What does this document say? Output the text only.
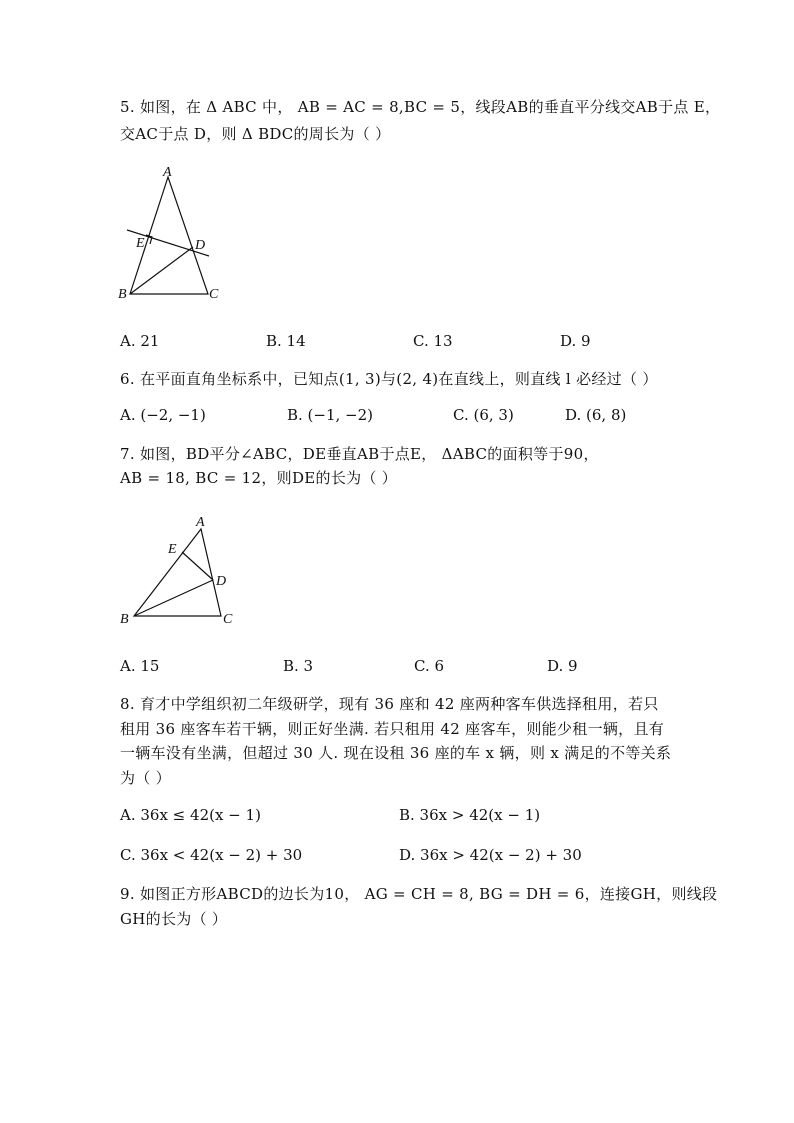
5. 如图，在 Δ ABC 中， AB = AC = 8,BC = 5，线段AB的垂直平分线交AB于点 E，
交AC于点 D，则 Δ BDC的周长为（ ）
A
B	C
D
E
A. 21	B. 14	C. 13	D. 9
6. 在平面直角坐标系中，已知点(1, 3)与(2, 4)在直线上，则直线 l 必经过（ ）
A. (−2, −1)	B. (−1, −2)	C. (6, 3)	D. (6, 8)
7. 如图，BD平分∠ABC，DE垂直AB于点E， ΔABC的面积等于90，
AB = 18, BC = 12，则DE的长为（ ）
A
B	C
D
E
A. 15	B. 3	C. 6	D. 9
8. 育才中学组织初二年级研学，现有 36 座和 42 座两种客车供选择租用，若只
租用 36 座客车若干辆，则正好坐满. 若只租用 42 座客车，则能少租一辆，且有
一辆车没有坐满，但超过 30 人. 现在设租 36 座的车 x 辆，则 x 满足的不等关系
为（ ）
A. 36x ≤ 42(x − 1)	B. 36x > 42(x − 1)
C. 36x < 42(x − 2) + 30	D. 36x > 42(x − 2) + 30
9. 如图正方形ABCD的边长为10， AG = CH = 8, BG = DH = 6，连接GH，则线段
GH的长为（ ）
